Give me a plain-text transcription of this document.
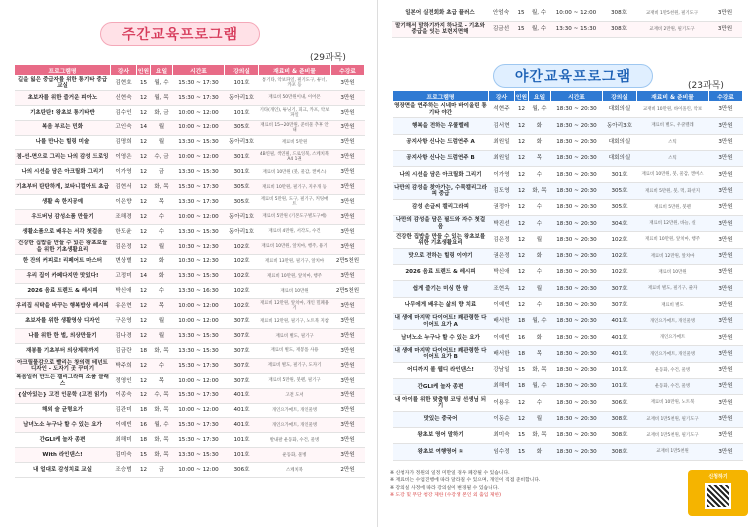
주간교육프로그램
(29과목)
프로그램명	강사	인원	요일	시간표	강의실	재료비 & 준비물	수강료
길을 잃은 중급자를 위한 통기타 중급교실	김현호	15	월, 수	15:30 ~ 17:30	101호	통기타, 악보파일, 필기도구, 튜너, 카포 등	3만원
초보자를 위한 즐거운 피아노	신현숙	12	월, 목	15:30 ~ 17:30	동아리1호	재료비 50만원이내, 이어폰	3만원
기초탄탄! 왕초보 통기타반	김수인	12	화, 금	10:00 ~ 12:00	101호	기타(개인), 튜닝기, 피크, 카포, 악보파일	3만원
복음 부르는 민화	고인숙	14	월	10:00 ~ 12:00	305호	재료비 15~20만원, 준비물 추후 안내	3만원
나를 만나는 힐링 미술	김명희	12	월	13:30 ~ 15:30	동아리3호	재료비 5만원	3만원
점-선-면으로 그리는 나의 감성 드로잉	이영은	12	수, 금	10:00 ~ 12:00	301호	4B연필, 색연필, 드로잉북, 스케치북 A4 1권	3만원
나의 시선을 담은 아크릴화 그리기	이가영	12	금	13:30 ~ 15:30	301호	재료비 10만원 (붓, 물감, 캔버스)	3만원
기초부터 탄탄하게, 보타니컬아트 초급	김현서	12	화, 목	15:30 ~ 17:30	305호	재료비 10만원, 필기구, 지우개 등	3만원
생활 속 한지공예	이은향	12	목	13:30 ~ 17:30	305호	재료비 5만원, 도구, 필기구, 커팅매트	3만원
우드버닝 감성소품 만들기	조해경	12	수	10:00 ~ 12:00	동아리1호	재료비 5만원 (기본도구별도구매)	3만원
생활소품으로 배우는 서각 첫걸음	한도윤	12	수	13:30 ~ 15:30	동아리1호	재료비 4만원, 서각도, 수건	3만원
건강한 집밥을 만들 수 있는 왕초보들을 위한 기초생활요리	김은정	12	월	10:30 ~ 12:30	102호	재료비 10만원, 앞치마, 행주, 용기	3만원
한 잔의 커피로! 리페어트 마스터	변상별	12	화	10:30 ~ 12:30	102호	재료비 13만원, 필기구, 앞치마	2만5천원
우리 집이 카페다지만 맛있다!	고정미	14	화	13:30 ~ 15:30	102호	재료비 10만원, 앞치마, 행주	3만원
2026 음료 트렌드 & 레시피	박신애	12	수	13:30 ~ 16:30	102호	재료비 10만원	2만5천원
우리집 식탁을 바꾸는 행복밥상 레시피	유은현	12	목	10:00 ~ 12:00	102호	재료비 12만원, 앞치마, 개인 밀폐용기	3만원
초보자를 위한 생활영상 디자인	구은영	12	월	10:00 ~ 12:00	307호	재료비 12만원, 필기구, 노트북 지참	3만원
나를 위한 한 벌, 의상만들기	김나경	12	월	13:30 ~ 15:30	307호	재료비 별도, 필기구	3만원
재봉틀 기초부터 의상제작까지	김금란	18	화, 목	13:30 ~ 15:30	307호	재료비 별도, 재봉틀 사용	3만원
아크릴물감으로 빨리는 창의력 테넌트 디자인 - 도자기 곳 꾸미기	박주희	12	수	15:30 ~ 17:30	307호	재료비 별도, 필기구, 도자기	3만원
복음일러 만드는 캘리그라피 소품 클래스	정영인	12	목	10:00 ~ 12:00	307호	재료비 5만원, 붓펜, 필기구	3만원
{살아있는} 고전 인문학 (고전 읽기)	이종숙	12	수, 목	15:30 ~ 17:30	401호	고전 도서	3만원
해외 술 균형요가	김관미	18	화, 목	10:00 ~ 12:00	401호	개인요가매트, 개인물병	3만원
남녀노소 누구나 할 수 있는 요가	이예빈	16	월, 수	15:30 ~ 17:30	401호	개인요가매트, 개인물병	3만원
간GLI케 놀자 종편	최해미	18	화, 목	15:30 ~ 17:30	101호	발내팔 운동화, 수건, 물병	3만원
With 라인댄스!	김미숙	15	화, 목	13:30 ~ 15:30	101호	운동화, 물병	3만원
내 얼대로 감성치료 교실	조승범	12	금	10:00 ~ 12:00	306호	스케치북	2만원
일본어 실전회화 초급 플러스	안엄숙	15	월, 수	10:00 ~ 12:00	308호	교재비 1만5천원, 필기도구	3만원
말기해서 말하기까지 하나로 - 기초와 중급을 잇는 보련지면해	김금선	15	월, 수	13:30 ~ 15:30	308호	교재비 2만원, 필기도구	3만원
야간교육프로그램
(23과목)
프로그램명	강사	인원	요일	시간표	강의실	재료비 & 준비물	수강료
영장면을 연주하는 시네마 바이올린 통기타 야간	석현주	12	월, 수	18:30 ~ 20:30	대회의실	교재비 10만원, 바이올린, 악보	3만원
행복을 전하는 우쿨렐레	김서현	12	화	18:30 ~ 20:30	동아리3호	재료비 별도, 우쿨렐레	3만원
공지사항 신나는 드럼연주 A	최원일	12	화	18:30 ~ 20:30	대회의실	스틱	3만원
공지사항 신나는 드럼연주 B	최원일	12	목	18:30 ~ 20:30	대회의실	스틱	3만원
나의 시선을 담은 아크릴화 그리기	이가영	12	수	18:30 ~ 20:30	301호	재료비 10만원, 붓, 물감, 캔버스	3만원
나만의 감성을 찾아가는, 수묵캘리그라피 중급	김도영	12	화, 목	18:30 ~ 20:30	305호	재료비 5만원, 붓, 먹, 화선지	3만원
감성 손글씨 캘리그라피	권정아	12	수	18:30 ~ 20:30	305호	재료비 5만원, 붓펜	3만원
나만의 감성을 담은 필드와 자수 첫걸음	박진선	12	수	18:30 ~ 20:30	304호	재료비 12만원, 바늘, 실	3만원
건강한 집밥을 만들 수 있는 왕초보를 위한 기초생활요리	김은정	12	월	18:30 ~ 20:30	102호	재료비 10만원, 앞치마, 행주	3만원
맛으로 전하는 힐링 이야기	권은정	12	화	18:30 ~ 20:30	102호	재료비 12만원, 앞치마	3만원
2026 음료 트렌드 & 레시피	박신애	12	수	18:30 ~ 20:30	102호	재료비 10만원	3만원
쉽게 즐기는 미싱 한 땀	조현옥	12	월	18:30 ~ 20:30	307호	재료비 별도, 필기구, 줄자	3만원
나무에게 배우는 삶의 향 치료	이예빈	12	수	18:30 ~ 20:30	307호	재료비 별도	3만원
내 생에 마지막 다이어트! 꽤관령한 다이어트 요가 A	배서한	18	월, 수	18:30 ~ 20:30	401호	개인요가매트, 개인물병	3만원
남녀노소 누구나 할 수 있는 요가	이예빈	16	화	18:30 ~ 20:30	401호	개인요가매트	3만원
내 생애 마지막 다이어트! 꽤관령한 다이어트 요가 B	배서한	18	목	18:30 ~ 20:30	401호	개인요가매트, 개인물병	3만원
어디까지 볼 웹디 라인댄스!	강남일	15	화, 목	18:30 ~ 20:30	101호	운동화, 수건, 물병	3만원
간GLI케 놀자 종편	최해미	18	월, 수	18:30 ~ 20:30	101호	운동화, 수건, 물병	3만원
내 아이를 위한 맞춤형 코딩 선생님 되기	이용우	12	수	18:30 ~ 20:30	306호	재료비 10만원, 노트북	3만원
맛있는 중국어	이동순	12	월	18:30 ~ 20:30	308호	교재비 1만5천원, 필기도구	3만원
왕초보 영어 말하기	최미숙	15	화, 목	18:30 ~ 20:30	308호	교재비 1만5천원, 필기도구	3만원
왕초보 여행영어 ①	임수정	15	화	18:30 ~ 20:30	308호	교재비 1만5천원	3만원
※ 신청자가 정원의 일정 미만일 경우 폐강될 수 있습니다.
※ 재료비는 수업진행에 따라 달라질 수 있으며, 개인이 직접 준비합니다.
※ 강의실 사정에 따라 강의실이 변경될 수 있습니다.
※ 도강 및 무단 청강 제한 (수강생 본인 외 출입 제한)
신청하기
